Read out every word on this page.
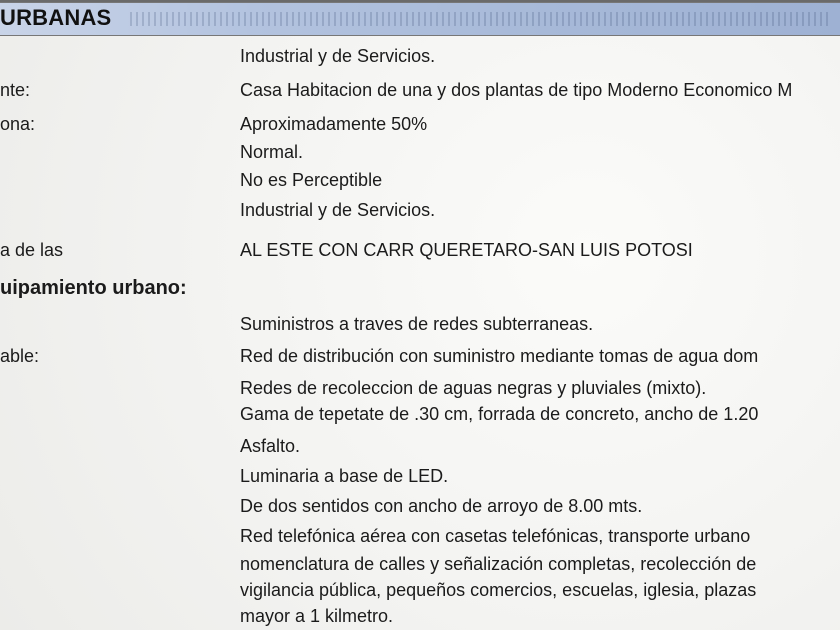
URBANAS
Industrial y de Servicios.
nte:	Casa Habitacion de una y dos plantas de tipo Moderno Economico M
ona:	Aproximadamente 50%
Normal.
No es Perceptible
Industrial y de Servicios.
a de las	AL ESTE CON CARR QUERETARO-SAN LUIS POTOSI
uipamiento urbano:
Suministros a traves de redes subterraneas.
able:	Red de distribución con suministro mediante tomas de agua dom
Redes de recoleccion de aguas negras y pluviales (mixto).
Gama de tepetate de .30 cm, forrada de concreto, ancho de 1.20
Asfalto.
Luminaria a base de LED.
De dos sentidos con ancho de arroyo de 8.00 mts.
Red telefónica aérea con casetas telefónicas, transporte urbano
nomenclatura de calles y señalización completas, recolección de
vigilancia pública, pequeños comercios, escuelas, iglesia, plazas
mayor a 1 kilmetro.
